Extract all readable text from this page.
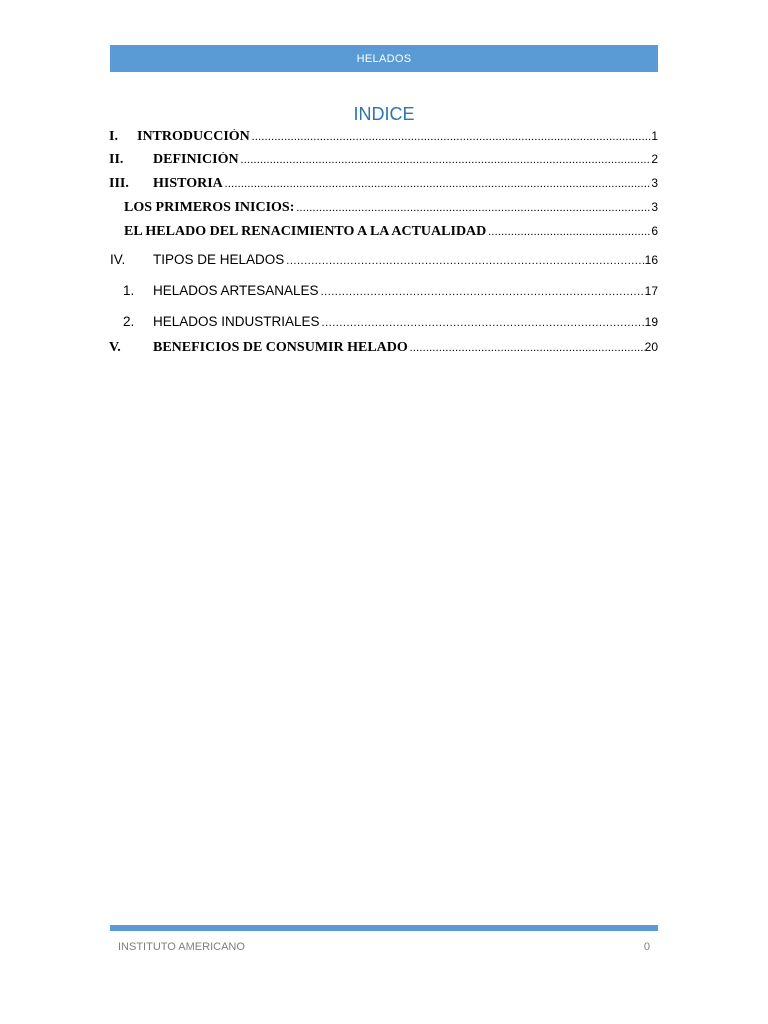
HELADOS
INDICE
I.	INTRODUCCIÓN .....	1
II.	DEFINICIÓN .....	2
III.	HISTORIA .....	3
LOS PRIMEROS INICIOS: .....	3
EL HELADO DEL RENACIMIENTO A LA ACTUALIDAD .....	6
IV.	TIPOS DE HELADOS .....	16
1.	HELADOS ARTESANALES .....	17
2.	HELADOS INDUSTRIALES .....	19
V.	BENEFICIOS DE CONSUMIR HELADO .....	20
INSTITUTO AMERICANO	0
